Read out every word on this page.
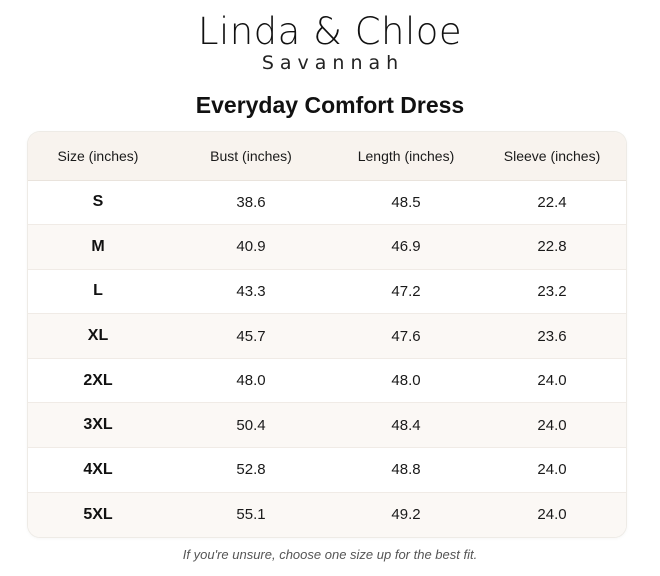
Linda & Chloe
Savannah
Everyday Comfort Dress
Size (inches)	Bust (inches)	Length (inches)	Sleeve (inches)
S	38.6	48.5	22.4
M	40.9	46.9	22.8
L	43.3	47.2	23.2
XL	45.7	47.6	23.6
2XL	48.0	48.0	24.0
3XL	50.4	48.4	24.0
4XL	52.8	48.8	24.0
5XL	55.1	49.2	24.0
If you're unsure, choose one size up for the best fit.
